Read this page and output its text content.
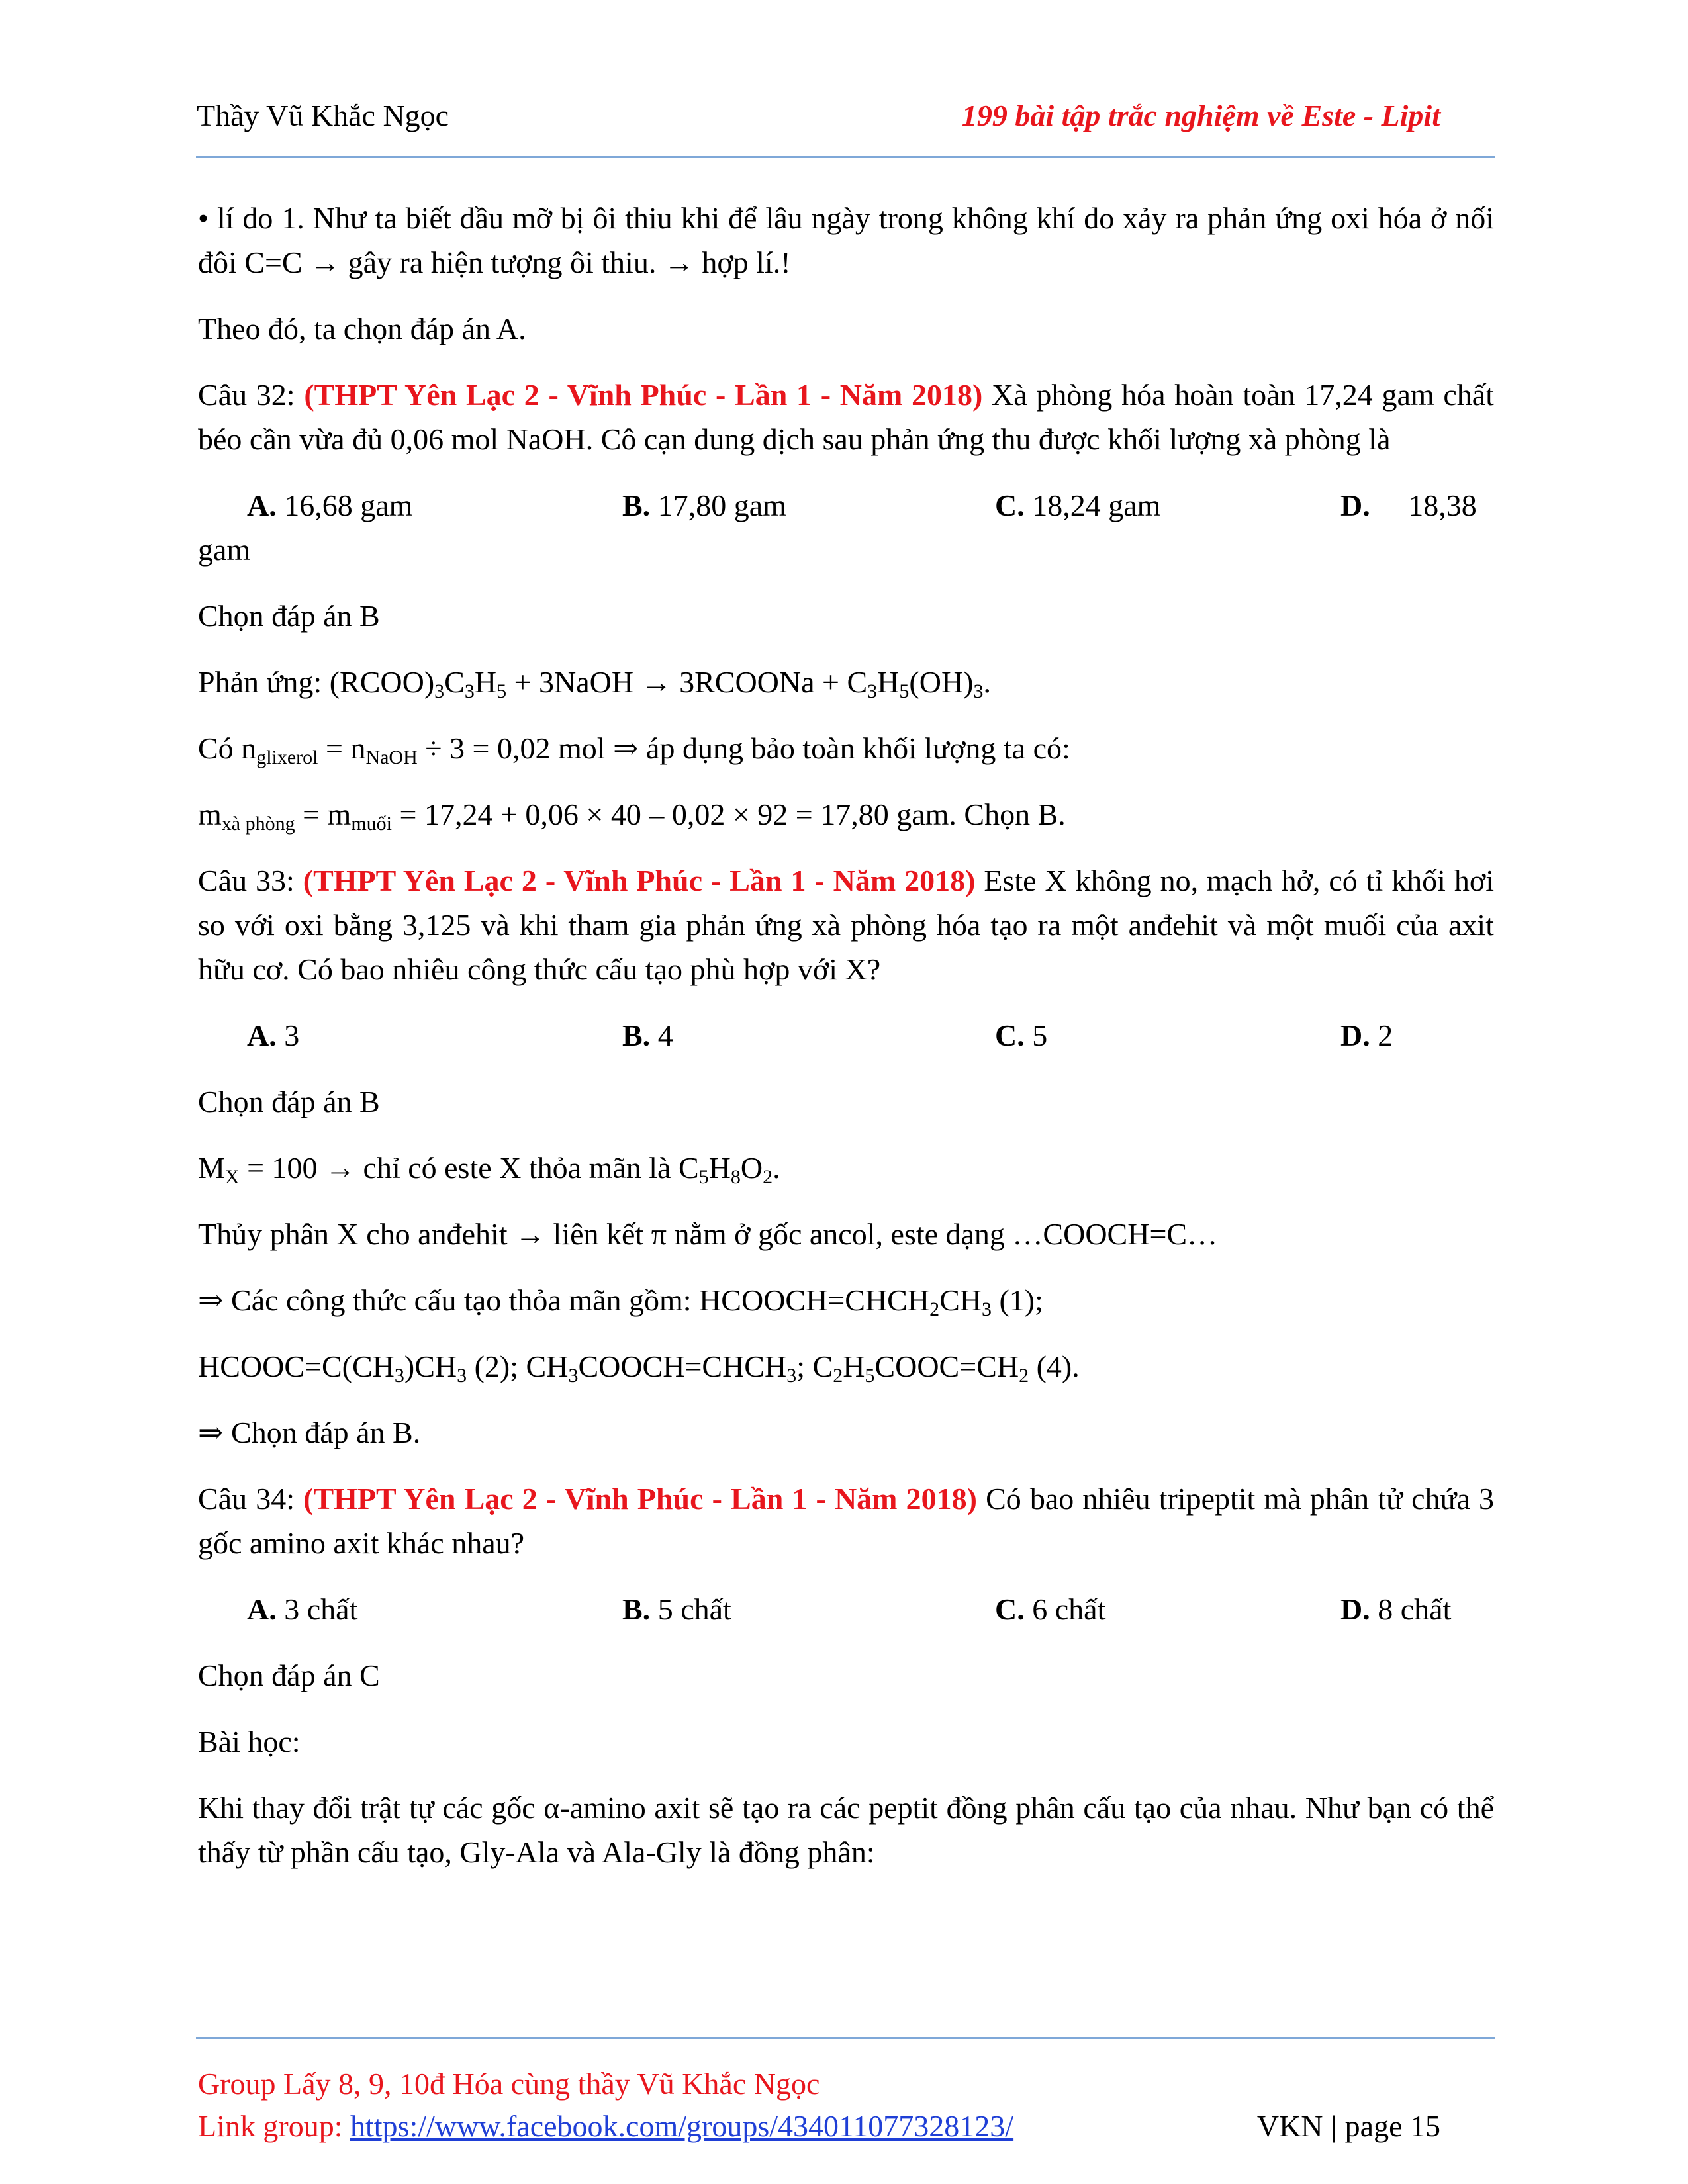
Thầy Vũ Khắc Ngọc	199 bài tập trắc nghiệm về Este - Lipit

• lí do 1. Như ta biết dầu mỡ bị ôi thiu khi để lâu ngày trong không khí do xảy ra phản ứng oxi hóa ở nối đôi C=C → gây ra hiện tượng ôi thiu. → hợp lí.!

Theo đó, ta chọn đáp án A.

Câu 32: (THPT Yên Lạc 2 - Vĩnh Phúc - Lần 1 - Năm 2018) Xà phòng hóa hoàn toàn 17,24 gam chất béo cần vừa đủ 0,06 mol NaOH. Cô cạn dung dịch sau phản ứng thu được khối lượng xà phòng là

A. 16,68 gam	B. 17,80 gam	C. 18,24 gam	D. 18,38

gam

Chọn đáp án B

Phản ứng: $(RCOO)_3C_3H_5$ + 3NaOH → 3RCOONa + $C_3H_5(OH)_3$.

Có $n_{glixerol} = n_{NaOH} \div 3 = 0,02$ mol ⇒ áp dụng bảo toàn khối lượng ta có:

$m_{xà phòng} = m_{muối} = 17,24 + 0,06 \times 40 - 0,02 \times 92 = 17,80$ gam. Chọn B.

Câu 33: (THPT Yên Lạc 2 - Vĩnh Phúc - Lần 1 - Năm 2018) Este X không no, mạch hở, có tỉ khối hơi so với oxi bằng 3,125 và khi tham gia phản ứng xà phòng hóa tạo ra một anđehit và một muối của axit hữu cơ. Có bao nhiêu công thức cấu tạo phù hợp với X?

A. 3	B. 4	C. 5	D. 2

Chọn đáp án B

$M_X = 100$ → chỉ có este X thỏa mãn là $C_5H_8O_2$.

Thủy phân X cho anđehit → liên kết π nằm ở gốc ancol, este dạng …COOCH=C…

⇒ Các công thức cấu tạo thỏa mãn gồm: $HCOOCH=CHCH_2CH_3$ (1);

$HCOOC=C(CH_3)CH_3$ (2); $CH_3COOCH=CHCH_3$; $C_2H_5COOC=CH_2$ (4).

⇒ Chọn đáp án B.

Câu 34: (THPT Yên Lạc 2 - Vĩnh Phúc - Lần 1 - Năm 2018) Có bao nhiêu tripeptit mà phân tử chứa 3 gốc amino axit khác nhau?

A. 3 chất	B. 5 chất	C. 6 chất	D. 8 chất

Chọn đáp án C

Bài học:

Khi thay đổi trật tự các gốc α-amino axit sẽ tạo ra các peptit đồng phân cấu tạo của nhau. Như bạn có thể thấy từ phần cấu tạo, Gly-Ala và Ala-Gly là đồng phân:

Group Lấy 8, 9, 10đ Hóa cùng thầy Vũ Khắc Ngọc
Link group: https://www.facebook.com/groups/434011077328123/	VKN | page 15
